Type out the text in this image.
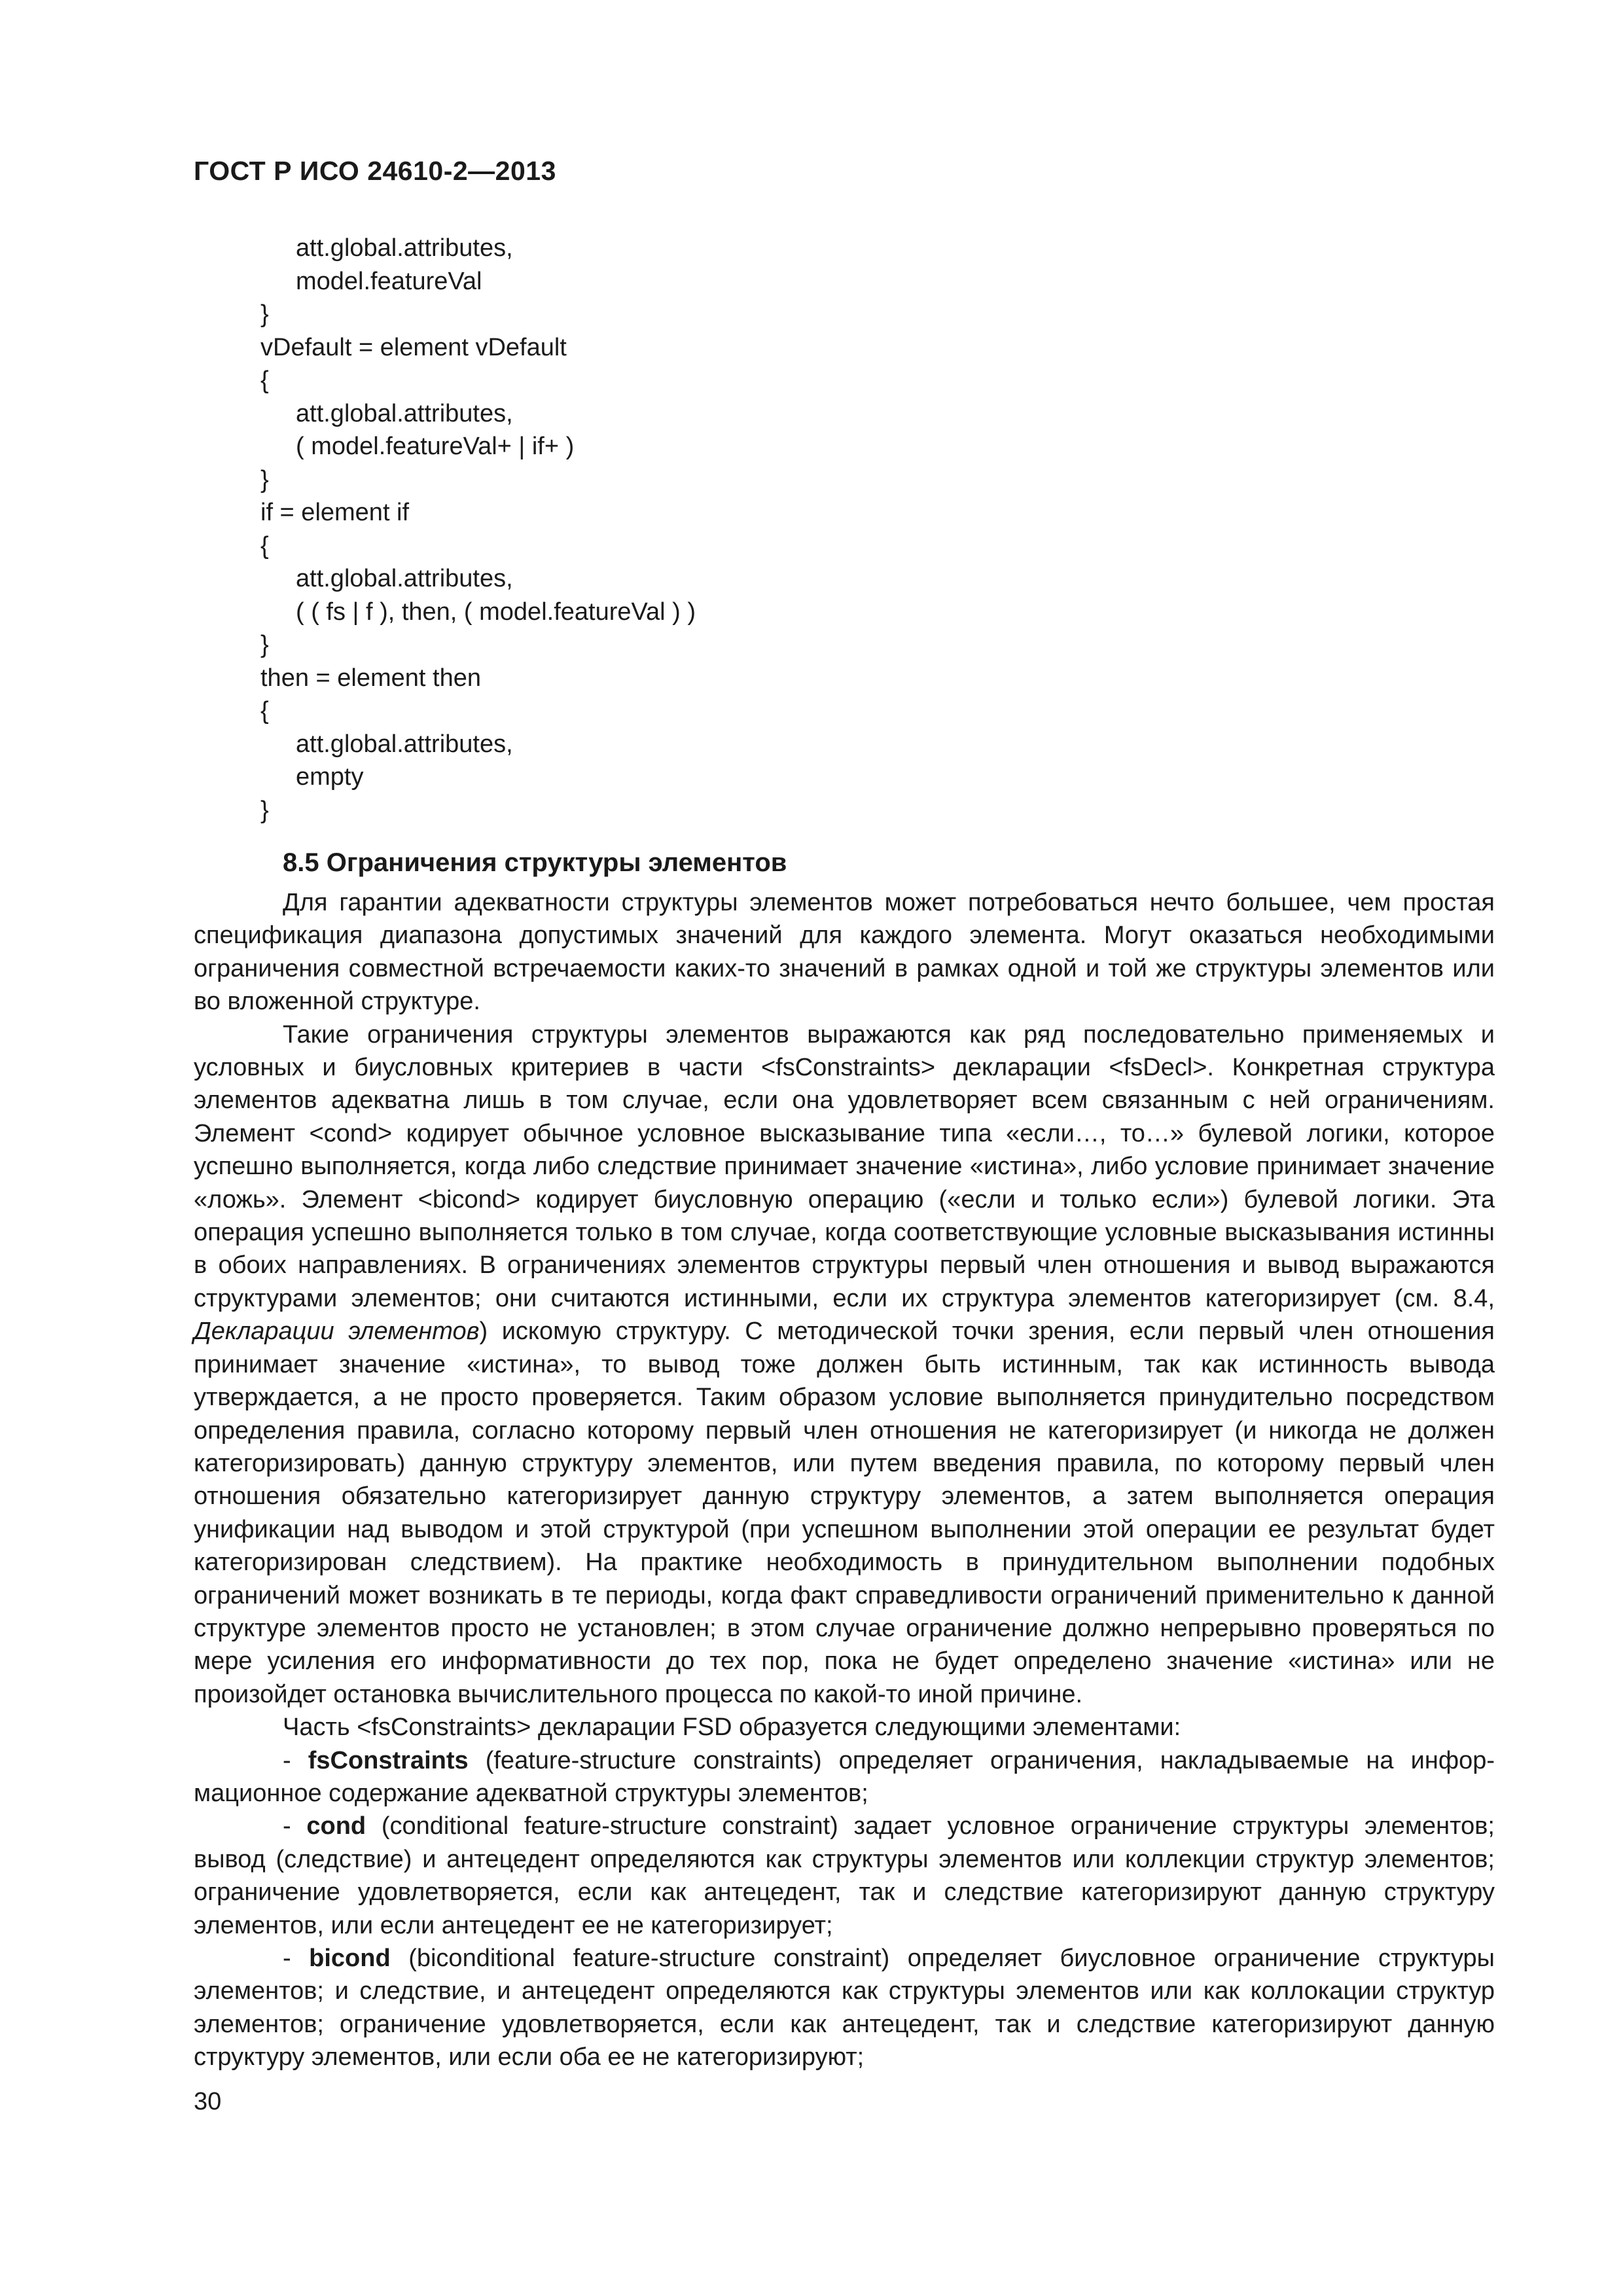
ГОСТ Р ИСО 24610-2—2013
att.global.attributes,
model.featureVal
}
vDefault = element vDefault
{
att.global.attributes,
( model.featureVal+ | if+ )
}
if = element if
{
att.global.attributes,
( ( fs | f ), then, ( model.featureVal ) )
}
then = element then
{
att.global.attributes,
empty
}
8.5 Ограничения структуры элементов

Для гарантии адекватности структуры элементов может потребоваться нечто большее, чем простая спецификация диапазона допустимых значений для каждого элемента. Могут оказаться необходимыми ограничения совместной встречаемости каких-то значений в рамках одной и той же структуры элементов или во вложенной структуре.

Такие ограничения структуры элементов выражаются как ряд последовательно применяемых и условных и биусловных критериев в части <fsConstraints> декларации <fsDecl>. Конкретная структура элементов адекватна лишь в том случае, если она удовлетворяет всем связанным с ней ограничениям. Элемент <cond> кодирует обычное условное высказывание типа «если…, то…» булевой логики, которое успешно выполняется, когда либо следствие принимает значение «истина», либо условие принимает значение «ложь». Элемент <bicond> кодирует биусловную операцию («если и только если») булевой логики. Эта операция успешно выполняется только в том случае, когда соответствующие условные высказывания истинны в обоих направлениях. В ограничениях элементов структуры первый член отношения и вывод выражаются структурами элементов; они считаются истинными, если их структура элементов категоризирует (см. 8.4, Декларации элементов) искомую структуру. С методической точки зрения, если первый член отношения принимает значение «истина», то вывод тоже должен быть истинным, так как истинность вывода утверждается, а не просто проверяется. Таким образом условие выполняется принудительно посредством определения правила, согласно которому первый член отношения не категоризирует (и никогда не должен категоризировать) данную структуру элементов, или путем введения правила, по которому первый член отношения обязательно категоризирует данную структуру элементов, а затем выполняется операция унификации над выводом и этой структурой (при успешном выполнении этой операции ее результат будет категоризирован следствием). На практике необходимость в принудительном выполнении подобных ограничений может возникать в те периоды, когда факт справедливости ограничений применительно к данной структуре элементов просто не установлен; в этом случае ограничение должно непрерывно проверяться по мере усиления его информативности до тех пор, пока не будет определено значение «истина» или не произойдет остановка вычислительного процесса по какой-то иной причине.

Часть <fsConstraints> декларации FSD образуется следующими элементами:

- fsConstraints (feature-structure constraints) определяет ограничения, накладываемые на информационное содержание адекватной структуры элементов;

- cond (conditional feature-structure constraint) задает условное ограничение структуры элементов; вывод (следствие) и антецедент определяются как структуры элементов или коллекции структур элементов; ограничение удовлетворяется, если как антецедент, так и следствие категоризируют данную структуру элементов, или если антецедент ее не категоризирует;

- bicond (biconditional feature-structure constraint) определяет биусловное ограничение структуры элементов; и следствие, и антецедент определяются как структуры элементов или как коллокации структур элементов; ограничение удовлетворяется, если как антецедент, так и следствие категоризируют данную структуру элементов, или если оба ее не категоризируют;

30
